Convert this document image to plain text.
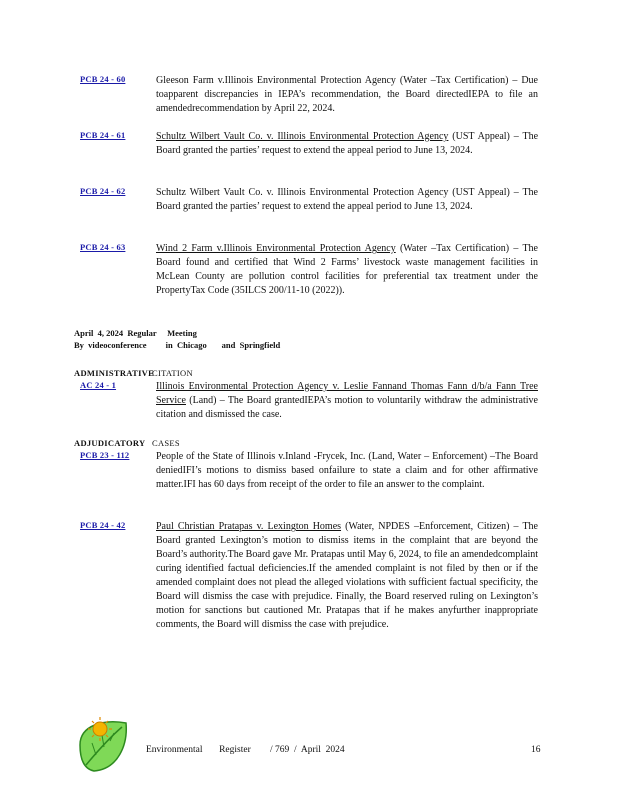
PCB 24 - 60	Gleeson Farm v.Illinois Environmental Protection Agency (Water –Tax Certification) – Due toapparent discrepancies in IEPA’s recommendation, the Board directedIEPA to file an amendedrecommendation by April 22, 2024.
PCB 24 - 61	Schultz Wilbert Vault Co. v. Illinois Environmental Protection Agency (UST Appeal) – The Board granted the parties’ request to extend the appeal period to June 13, 2024.
PCB 24 - 62	Schultz Wilbert Vault Co. v. Illinois Environmental Protection Agency (UST Appeal) – The Board granted the parties’ request to extend the appeal period to June 13, 2024.
PCB 24 - 63	Wind 2 Farm v.Illinois Environmental Protection Agency (Water –Tax Certification) – The Board found and certified that Wind 2 Farms’ livestock waste management facilities in McLean County are pollution control facilities for preferential tax treatment under the PropertyTax Code (35ILCS 200/11-10 (2022)).
April  4, 2024  Regular     Meeting
By  videoconference         in  Chicago       and  Springfield
ADMINISTRATIVE
CITATION
AC 24 - 1	Illinois Environmental Protection Agency v. Leslie Fannand Thomas Fann d/b/a Fann Tree Service (Land) – The Board grantedIEPA’s motion to voluntarily withdraw the administrative citation and dismissed the case.
ADJUDICATORY CASES
PCB 23 - 112	People of the State of Illinois v.Inland -Frycek, Inc. (Land, Water – Enforcement) –The Board deniedIFI’s motions to dismiss based onfailure to state a claim and for other affirmative matter.IFI has 60 days from receipt of the order to file an answer to the complaint.
PCB 24 - 42	Paul Christian Pratapas v. Lexington Homes (Water, NPDES –Enforcement, Citizen) – The Board granted Lexington’s motion to dismiss items in the complaint that are beyond the Board’s authority.The Board gave Mr. Pratapas until May 6, 2024, to file an amendedcomplaint curing identified factual deficiencies.If the amended complaint is not filed by then or if the amended complaint does not plead the alleged violations with sufficient factual specificity, the Board will dismiss the case with prejudice. Finally, the Board reserved ruling on Lexington’s motion for sanctions but cautioned Mr. Pratapas that if he makes anyfurther inappropriate comments, the Board will dismiss the case with prejudice.
Environmental       Register / 769  /  April  2024	16
